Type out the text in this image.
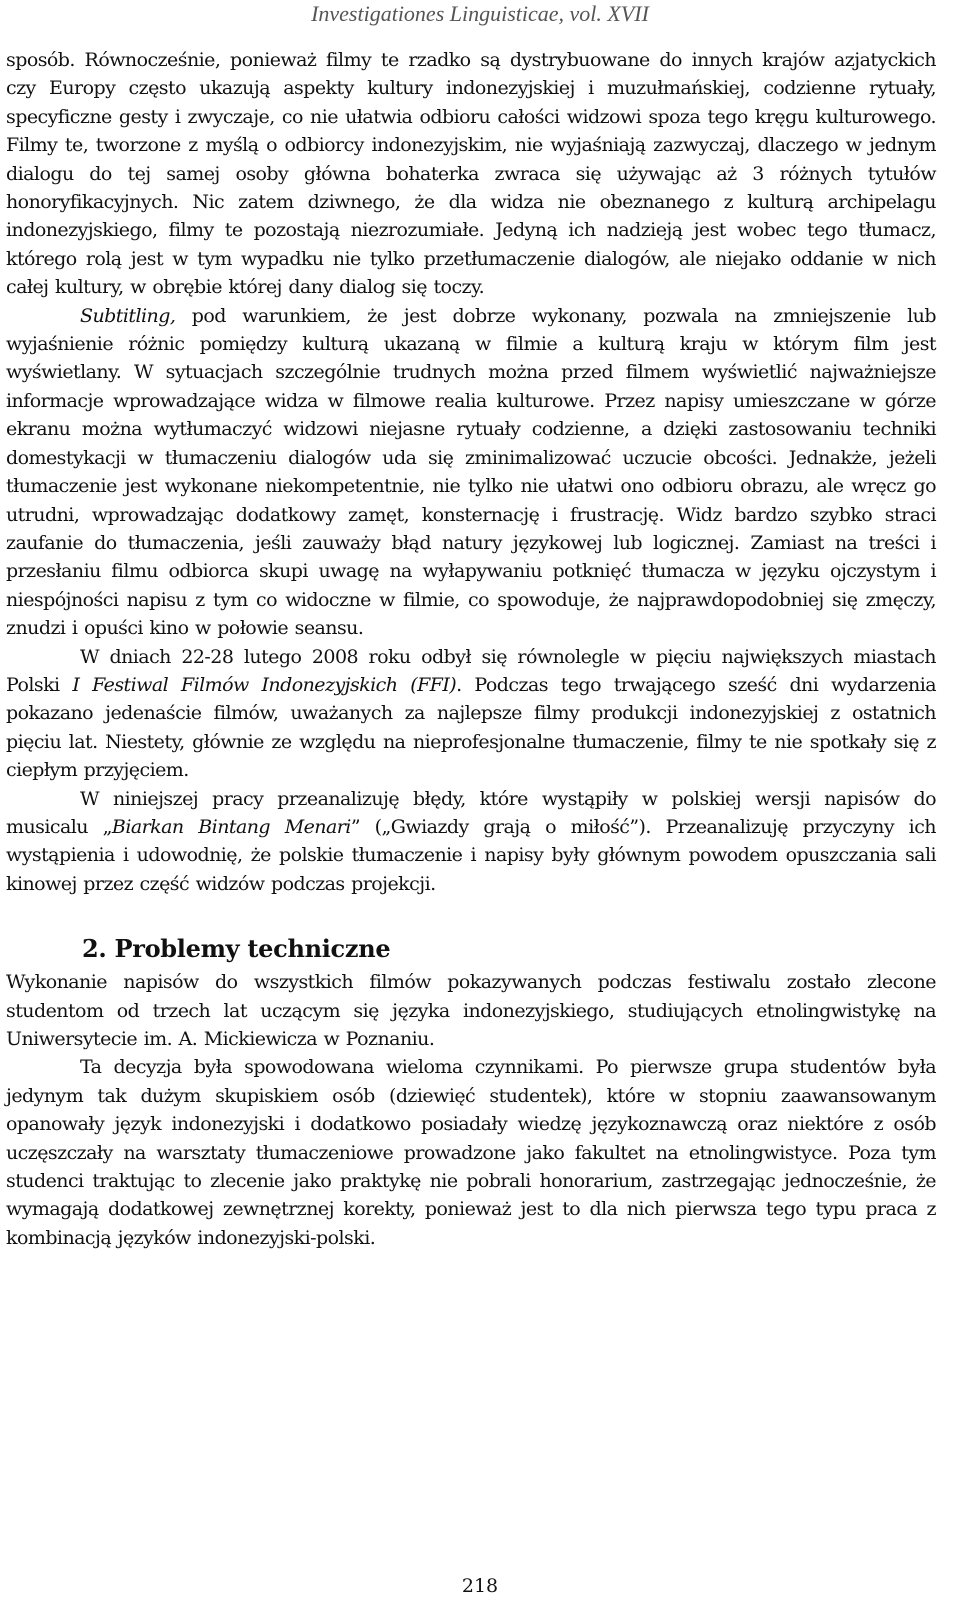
Investigationes Linguisticae, vol. XVII

sposób. Równocześnie, ponieważ filmy te rzadko są dystrybuowane do innych krajów azjatyckich czy Europy często ukazują aspekty kultury indonezyjskiej i muzułmańskiej, codzienne rytuały, specyficzne gesty i zwyczaje, co nie ułatwia odbioru całości widzowi spoza tego kręgu kulturowego. Filmy te, tworzone z myślą o odbiorcy indonezyjskim, nie wyjaśniają zazwyczaj, dlaczego w jednym dialogu do tej samej osoby główna bohaterka zwraca się używając aż 3 różnych tytułów honoryfikacyjnych. Nic zatem dziwnego, że dla widza nie obeznanego z kulturą archipelagu indonezyjskiego, filmy te pozostają niezrozumiałe. Jedyną ich nadzieją jest wobec tego tłumacz, którego rolą jest w tym wypadku nie tylko przetłumaczenie dialogów, ale niejako oddanie w nich całej kultury, w obrębie której dany dialog się toczy.

Subtitling, pod warunkiem, że jest dobrze wykonany, pozwala na zmniejszenie lub wyjaśnienie różnic pomiędzy kulturą ukazaną w filmie a kulturą kraju w którym film jest wyświetlany. W sytuacjach szczególnie trudnych można przed filmem wyświetlić najważniejsze informacje wprowadzające widza w filmowe realia kulturowe. Przez napisy umieszczane w górze ekranu można wytłumaczyć widzowi niejasne rytuały codzienne, a dzięki zastosowaniu techniki domestykacji w tłumaczeniu dialogów uda się zminimalizować uczucie obcości. Jednakże, jeżeli tłumaczenie jest wykonane niekompetentnie, nie tylko nie ułatwi ono odbioru obrazu, ale wręcz go utrudni, wprowadzając dodatkowy zamęt, konsternację i frustrację. Widz bardzo szybko straci zaufanie do tłumaczenia, jeśli zauważy błąd natury językowej lub logicznej. Zamiast na treści i przesłaniu filmu odbiorca skupi uwagę na wyłapywaniu potknięć tłumacza w języku ojczystym i niespójności napisu z tym co widoczne w filmie, co spowoduje, że najprawdopodobniej się zmęczy, znudzi i opuści kino w połowie seansu.

W dniach 22-28 lutego 2008 roku odbył się równolegle w pięciu największych miastach Polski I Festiwal Filmów Indonezyjskich (FFI). Podczas tego trwającego sześć dni wydarzenia pokazano jedenaście filmów, uważanych za najlepsze filmy produkcji indonezyjskiej z ostatnich pięciu lat. Niestety, głównie ze względu na nieprofesjonalne tłumaczenie, filmy te nie spotkały się z ciepłym przyjęciem.

W niniejszej pracy przeanalizuję błędy, które wystąpiły w polskiej wersji napisów do musicalu „Biarkan Bintang Menari” („Gwiazdy grają o miłość”). Przeanalizuję przyczyny ich wystąpienia i udowodnię, że polskie tłumaczenie i napisy były głównym powodem opuszczania sali kinowej przez część widzów podczas projekcji.

2. Problemy techniczne

Wykonanie napisów do wszystkich filmów pokazywanych podczas festiwalu zostało zlecone studentom od trzech lat uczącym się języka indonezyjskiego, studiujących etnolingwistykę na Uniwersytecie im. A. Mickiewicza w Poznaniu.

Ta decyzja była spowodowana wieloma czynnikami. Po pierwsze grupa studentów była jedynym tak dużym skupiskiem osób (dziewięć studentek), które w stopniu zaawansowanym opanowały język indonezyjski i dodatkowo posiadały wiedzę językoznawczą oraz niektóre z osób uczęszczały na warsztaty tłumaczeniowe prowadzone jako fakultet na etnolingwistyce. Poza tym studenci traktując to zlecenie jako praktykę nie pobrali honorarium, zastrzegając jednocześnie, że wymagają dodatkowej zewnętrznej korekty, ponieważ jest to dla nich pierwsza tego typu praca z kombinacją języków indonezyjski-polski.

218
